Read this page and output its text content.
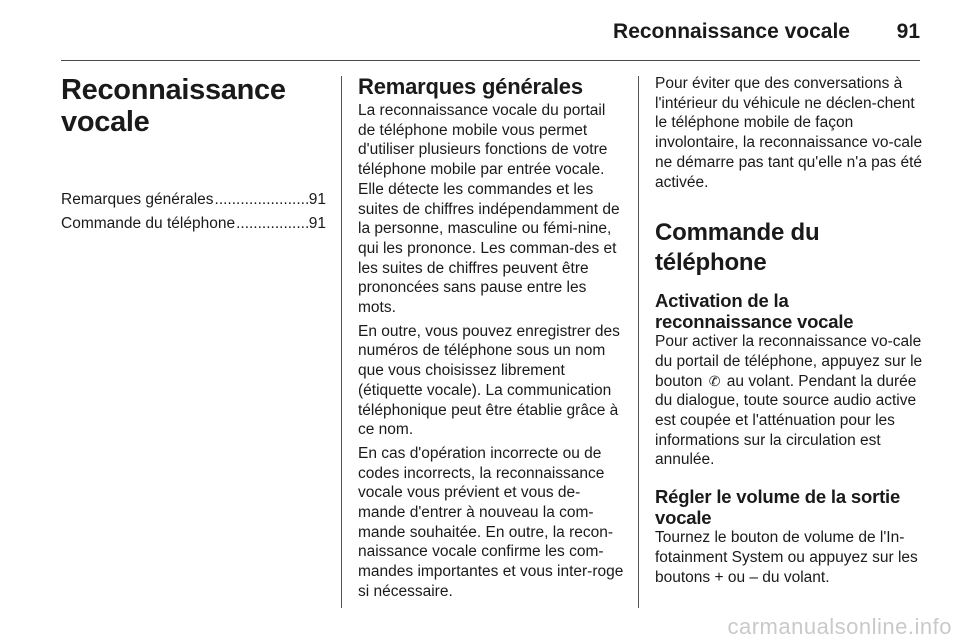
Reconnaissance vocale 91
Reconnaissance
vocale
Remarques générales .....	91
Commande du téléphone .....	91
Remarques générales

La reconnaissance vocale du portail de téléphone mobile vous permet d'utiliser plusieurs fonctions de votre téléphone mobile par entrée vocale. Elle détecte les commandes et les suites de chiffres indépendamment de la personne, masculine ou fémi-nine, qui les prononce. Les comman-des et les suites de chiffres peuvent être prononcées sans pause entre les mots.

En outre, vous pouvez enregistrer des numéros de téléphone sous un nom que vous choisissez librement (étiquette vocale). La communication téléphonique peut être établie grâce à ce nom.

En cas d'opération incorrecte ou de codes incorrects, la reconnaissance vocale vous prévient et vous de-mande d'entrer à nouveau la com-mande souhaitée. En outre, la recon-naissance vocale confirme les com-mandes importantes et vous inter-roge si nécessaire.

Pour éviter que des conversations à l'intérieur du véhicule ne déclen-chent le téléphone mobile de façon involontaire, la reconnaissance vo-cale ne démarre pas tant qu'elle n'a pas été activée.

Commande du téléphone
Activation de la reconnaissance vocale

Pour activer la reconnaissance vo-cale du portail de téléphone, appuyez sur le bouton ✆ au volant. Pendant la durée du dialogue, toute source audio active est coupée et l'atténuation pour les informations sur la circulation est annulée.

Régler le volume de la sortie vocale

Tournez le bouton de volume de l'In-fotainment System ou appuyez sur les boutons + ou – du volant.

carmanualsonline.info
